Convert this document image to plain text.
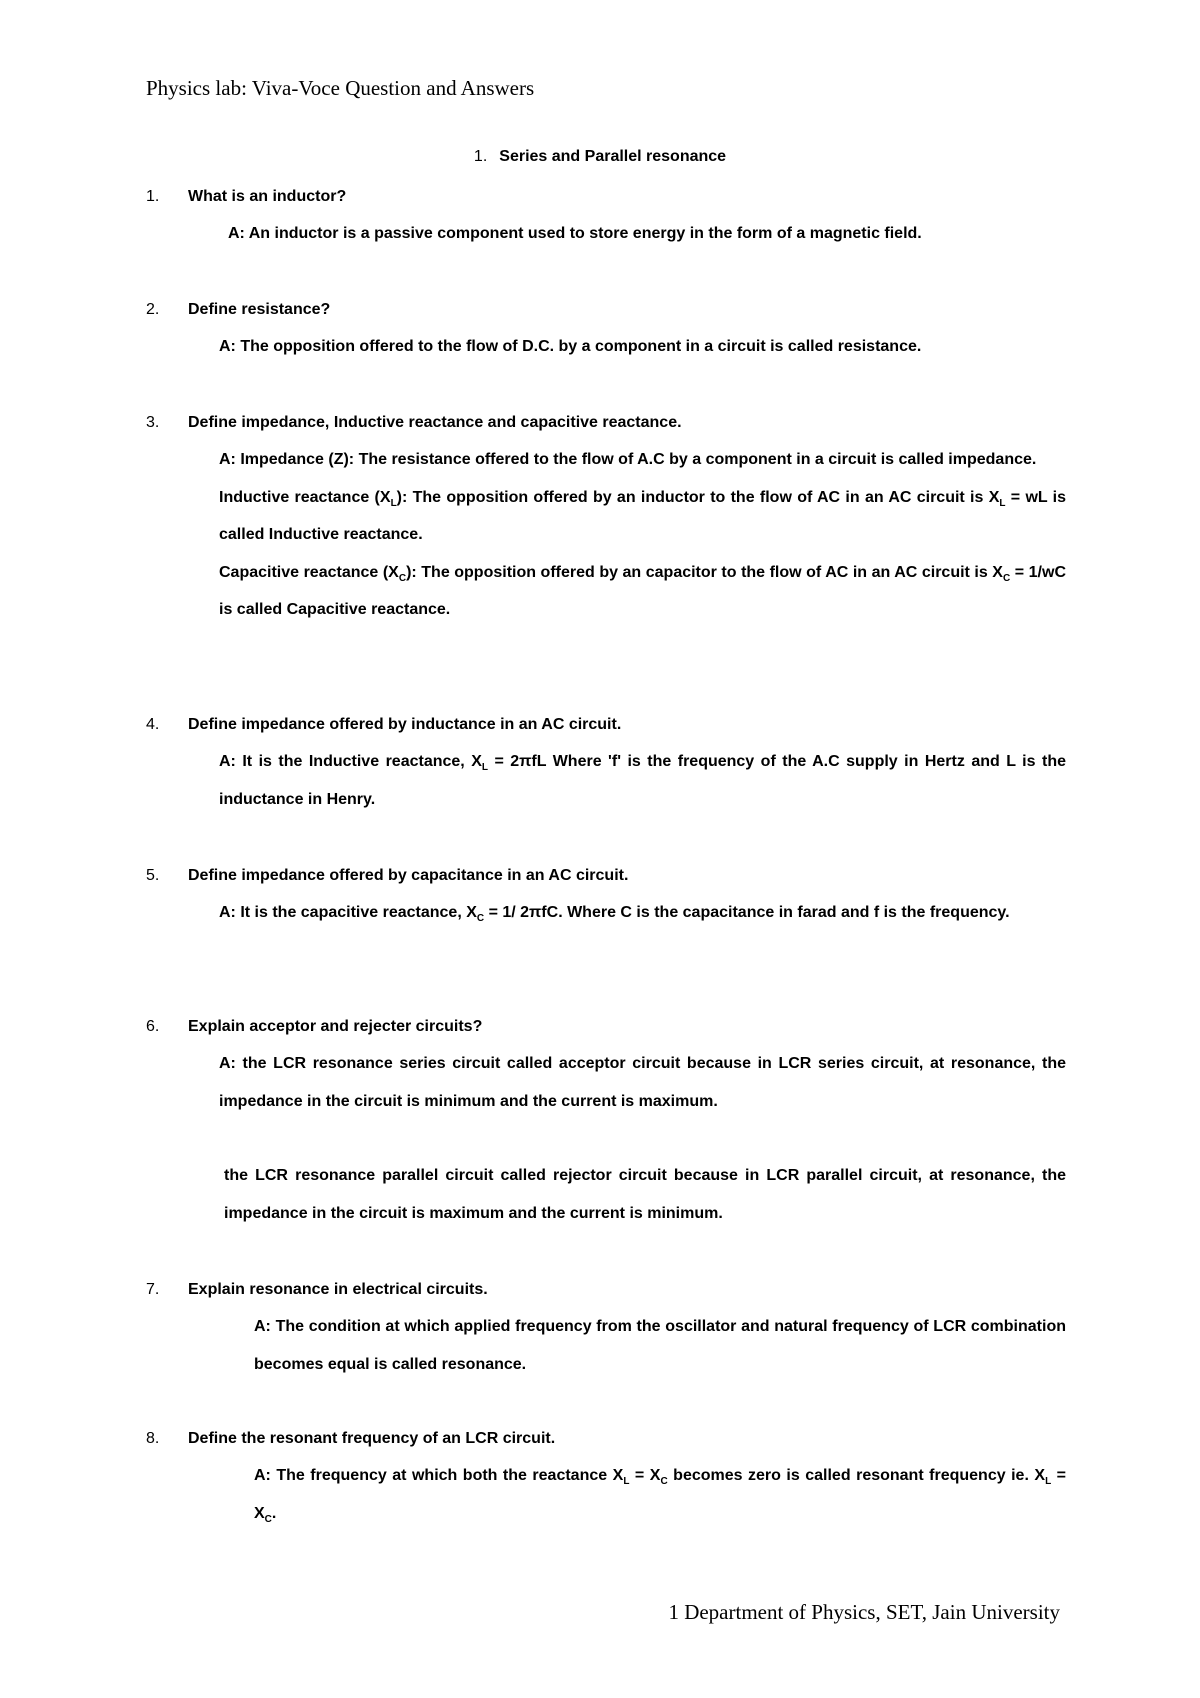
Physics lab: Viva-Voce Question and Answers
1. Series and Parallel resonance
1. What is an inductor?
A: An inductor is a passive component used to store energy in the form of a magnetic field.
2. Define resistance?
A: The opposition offered to the flow of D.C. by a component in a circuit is called resistance.
3. Define impedance, Inductive reactance and capacitive reactance.

A: Impedance (Z): The resistance offered to the flow of A.C by a component in a circuit is called impedance.

Inductive reactance $(X_L)$: The opposition offered by an inductor to the flow of AC in an AC circuit is $X_L$ = wL is called Inductive reactance.

Capacitive reactance $(X_C)$: The opposition offered by an capacitor to the flow of AC in an AC circuit is $X_C = 1/wC$ is called Capacitive reactance.

4. Define impedance offered by inductance in an AC circuit.
A: It is the Inductive reactance, $X_L = 2\pi fL$ Where 'f' is the frequency of the A.C supply in Hertz and L is the inductance in Henry.
5. Define impedance offered by capacitance in an AC circuit.
A: It is the capacitive reactance, $X_C = 1/$ 2πfC. Where C is the capacitance in farad and f is the frequency.
6. Explain acceptor and rejecter circuits?

A: the LCR resonance series circuit called acceptor circuit because in LCR series circuit, at resonance, the impedance in the circuit is minimum and the current is maximum.

the LCR resonance parallel circuit called rejector circuit because in LCR parallel circuit, at resonance, the impedance in the circuit is maximum and the current is minimum.

7. Explain resonance in electrical circuits.
A: The condition at which applied frequency from the oscillator and natural frequency of LCR combination becomes equal is called resonance.
8. Define the resonant frequency of an LCR circuit.
A: The frequency at which both the reactance $X_L = X_C$ becomes zero is called resonant frequency ie. $X_L = X_C$.
1 Department of Physics, SET, Jain University
